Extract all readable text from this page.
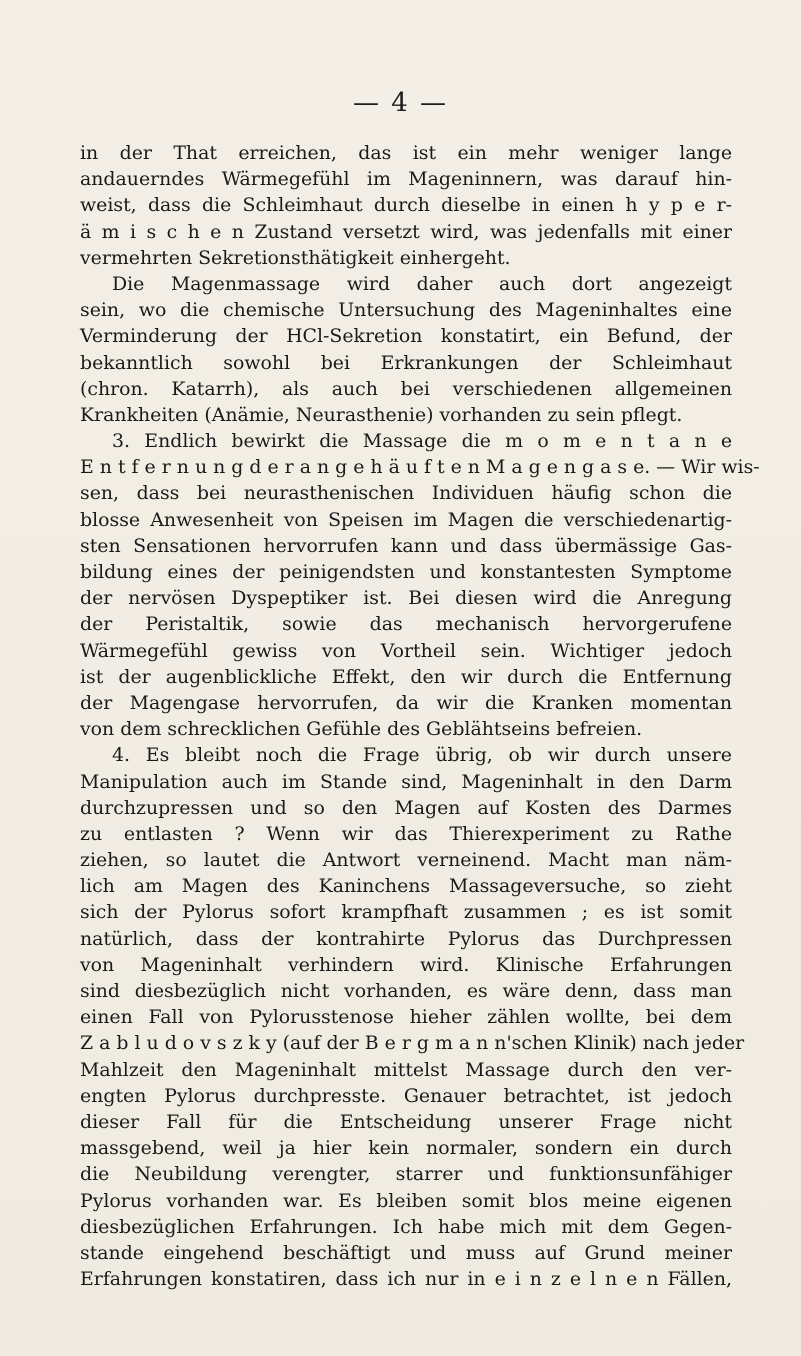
— 4 —
in der That erreichen, das ist ein mehr weniger lange
andauerndes Wärmegefühl im Mageninnern, was darauf hin-
weist, dass die Schleimhaut durch dieselbe in einen h y p e r-
ä m i s c h e n Zustand versetzt wird, was jedenfalls mit einer
vermehrten Sekretionsthätigkeit einhergeht.
Die Magenmassage wird daher auch dort angezeigt
sein, wo die chemische Untersuchung des Mageninhaltes eine
Verminderung der HCl-Sekretion konstatirt, ein Befund, der
bekanntlich sowohl bei Erkrankungen der Schleimhaut
(chron. Katarrh), als auch bei verschiedenen allgemeinen
Krankheiten (Anämie, Neurasthenie) vorhanden zu sein pflegt.
3. Endlich bewirkt die Massage die m o m e n t a n e
E n t f e r n u n g d e r a n g e h ä u f t e n M a g e n g a s e. — Wir wis-
sen, dass bei neurasthenischen Individuen häufig schon die
blosse Anwesenheit von Speisen im Magen die verschiedenartig-
sten Sensationen hervorrufen kann und dass übermässige Gas-
bildung eines der peinigendsten und konstantesten Symptome
der nervösen Dyspeptiker ist. Bei diesen wird die Anregung
der Peristaltik, sowie das mechanisch hervorgerufene
Wärmegefühl gewiss von Vortheil sein. Wichtiger jedoch
ist der augenblickliche Effekt, den wir durch die Entfernung
der Magengase hervorrufen, da wir die Kranken momentan
von dem schrecklichen Gefühle des Geblähtseins befreien.
4. Es bleibt noch die Frage übrig, ob wir durch unsere
Manipulation auch im Stande sind, Mageninhalt in den Darm
durchzupressen und so den Magen auf Kosten des Darmes
zu entlasten ? Wenn wir das Thierexperiment zu Rathe
ziehen, so lautet die Antwort verneinend. Macht man näm-
lich am Magen des Kaninchens Massageversuche, so zieht
sich der Pylorus sofort krampfhaft zusammen ; es ist somit
natürlich, dass der kontrahirte Pylorus das Durchpressen
von Mageninhalt verhindern wird. Klinische Erfahrungen
sind diesbezüglich nicht vorhanden, es wäre denn, dass man
einen Fall von Pylorusstenose hieher zählen wollte, bei dem
Z a b l u d o v s z k y (auf der B e r g m a n n'schen Klinik) nach jeder
Mahlzeit den Mageninhalt mittelst Massage durch den ver-
engten Pylorus durchpresste. Genauer betrachtet, ist jedoch
dieser Fall für die Entscheidung unserer Frage nicht
massgebend, weil ja hier kein normaler, sondern ein durch
die Neubildung verengter, starrer und funktionsunfähiger
Pylorus vorhanden war. Es bleiben somit blos meine eigenen
diesbezüglichen Erfahrungen. Ich habe mich mit dem Gegen-
stande eingehend beschäftigt und muss auf Grund meiner
Erfahrungen konstatiren, dass ich nur in e i n z e l n e n Fällen,
